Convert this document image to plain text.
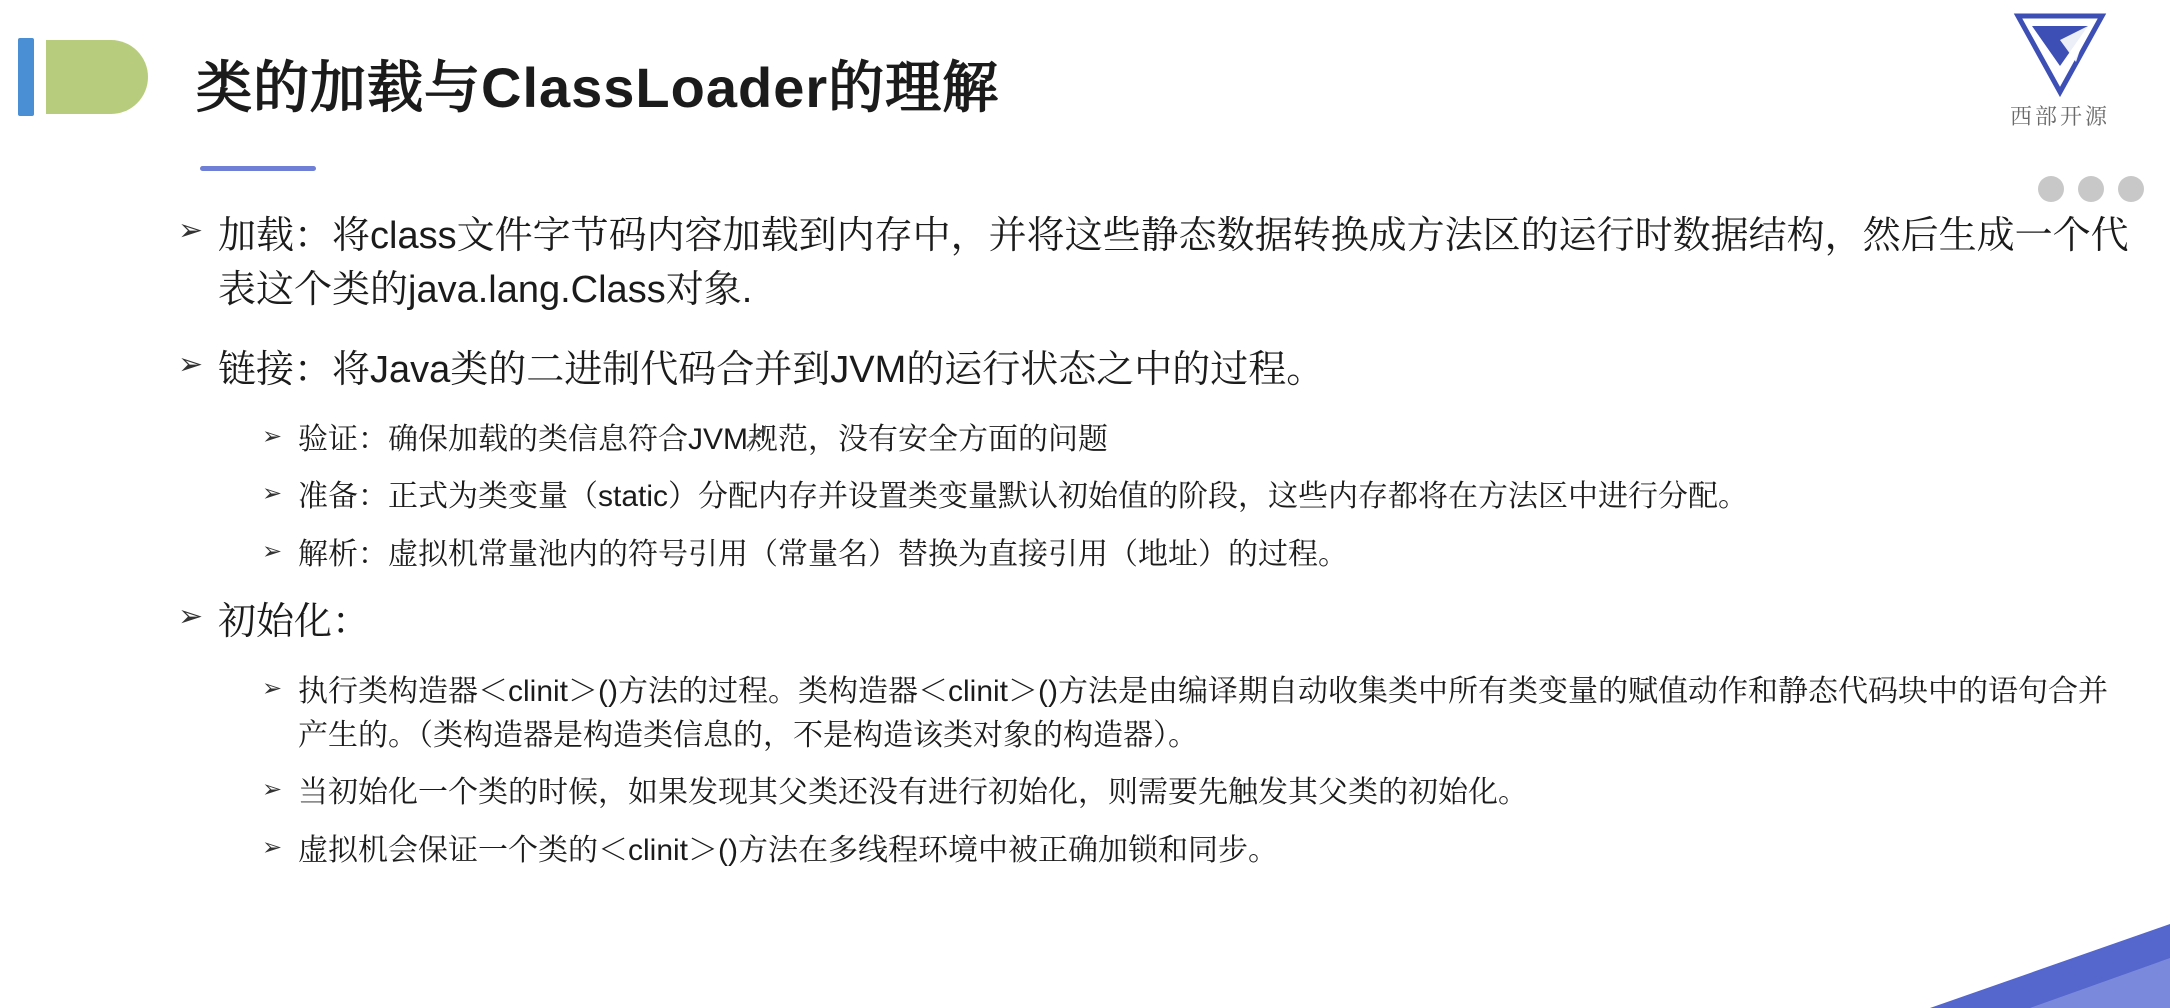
类的加载与ClassLoader的理解	西部开源
➢ 加载：将class文件字节码内容加载到内存中，并将这些静态数据转换成方法区的运行时数据结构，然后生成一个代表这个类的java.lang.Class对象.
➢ 链接：将Java类的二进制代码合并到JVM的运行状态之中的过程。
➢ 验证：确保加载的类信息符合JVM规范，没有安全方面的问题
➢ 准备：正式为类变量（static）分配内存并设置类变量默认初始值的阶段，这些内存都将在方法区中进行分配。
➢ 解析：虚拟机常量池内的符号引用（常量名）替换为直接引用（地址）的过程。
➢ 初始化：
➢ 执行类构造器＜clinit＞()方法的过程。类构造器＜clinit＞()方法是由编译期自动收集类中所有类变量的赋值动作和静态代码块中的语句合并产生的。（类构造器是构造类信息的，不是构造该类对象的构造器）。
➢ 当初始化一个类的时候，如果发现其父类还没有进行初始化，则需要先触发其父类的初始化。
➢ 虚拟机会保证一个类的＜clinit＞()方法在多线程环境中被正确加锁和同步。
